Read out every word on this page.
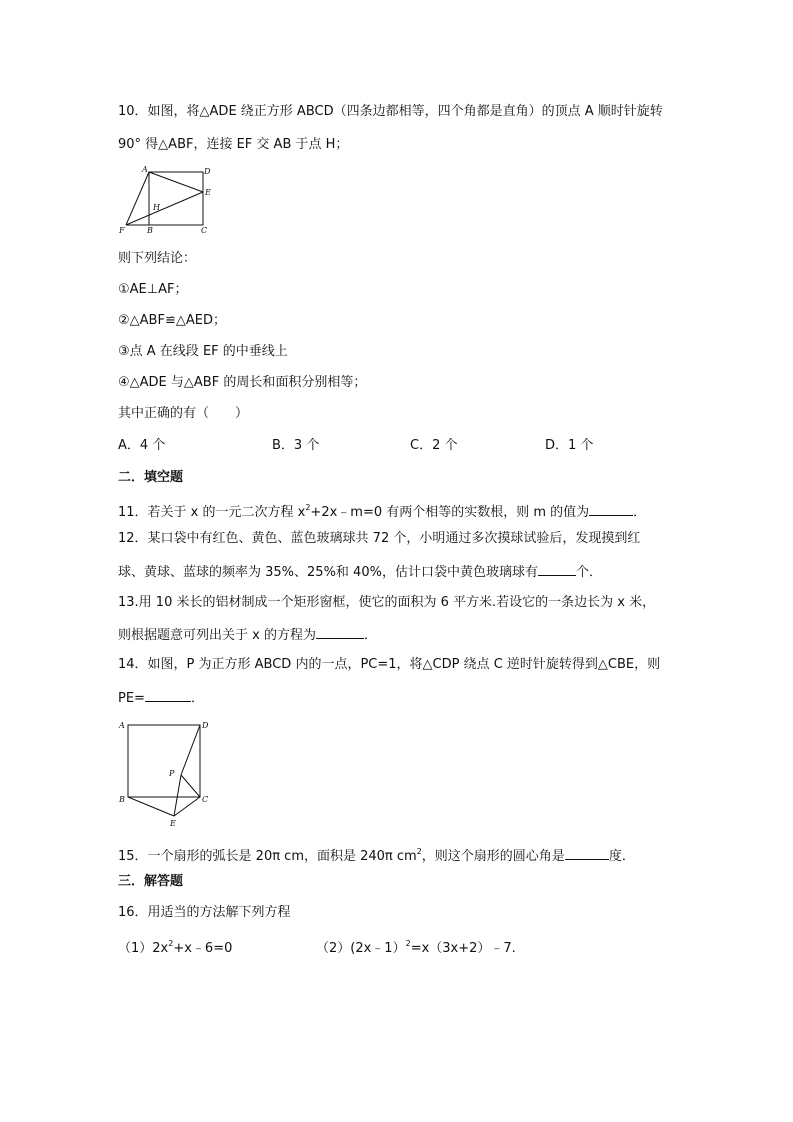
10．如图，将△ADE 绕正方形 ABCD（四条边都相等，四个角都是直角）的顶点 A 顺时针旋转
90° 得△ABF，连接 EF 交 AB 于点 H；
A	D
E
H
F	B	C
则下列结论：
①AE⊥AF；
②△ABF≌△AED；
③点 A 在线段 EF 的中垂线上
④△ADE 与△ABF 的周长和面积分别相等；
其中正确的有（　　）
A．4 个	B．3 个	C．2 个	D．1 个
二．填空题
11．若关于 x 的一元二次方程 $x^2+2x﹣m=0$ 有两个相等的实数根，则 m 的值为	．
12．某口袋中有红色、黄色、蓝色玻璃球共 72 个，小明通过多次摸球试验后，发现摸到红
球、黄球、蓝球的频率为 35%、25%和 40%，估计口袋中黄色玻璃球有	个．
13.用 10 米长的铝材制成一个矩形窗框，使它的面积为 6 平方米.若设它的一条边长为 x 米，
则根据题意可列出关于 x 的方程为	．
14．如图，P 为正方形 ABCD 内的一点，PC=1，将△CDP 绕点 C 逆时针旋转得到△CBE，则
PE=	．
A	D
P
B	C
E
15．一个扇形的弧长是 20π cm，面积是 240π $cm^2$，则这个扇形的圆心角是	度．
三．解答题
16．用适当的方法解下列方程
$(1)2x^2+x﹣6=0$	（2）(2x﹣1）$^2$=x（3x+2）﹣7.
